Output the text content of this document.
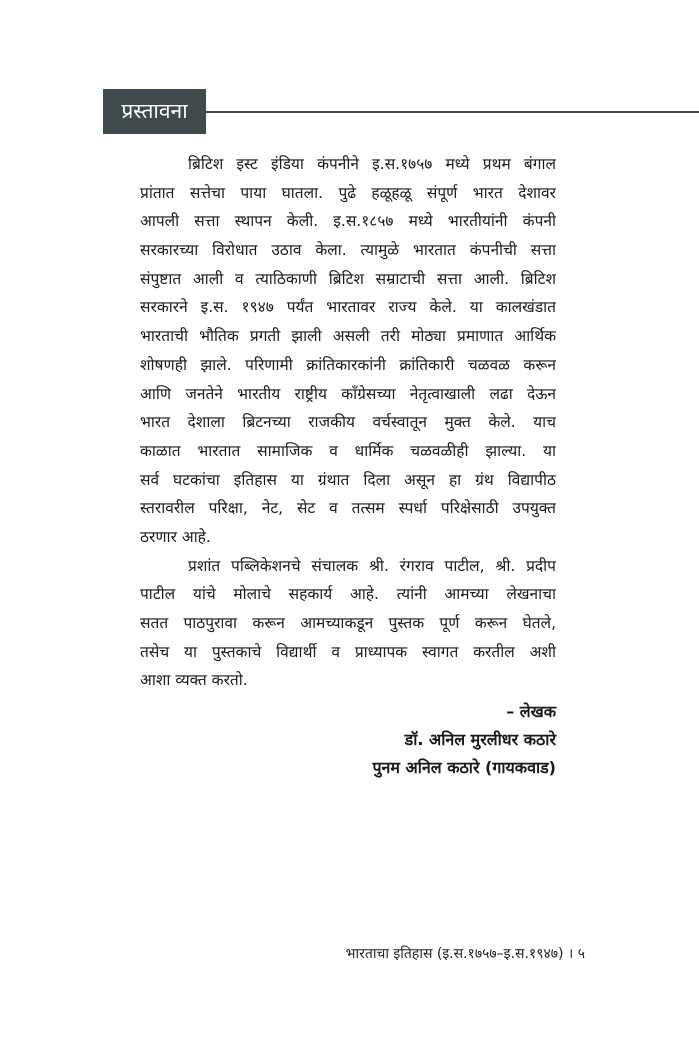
प्रस्तावना
ब्रिटिश इस्ट इंडिया कंपनीने इ.स.१७५७ मध्ये प्रथम बंगाल
प्रांतात सत्तेचा पाया घातला. पुढे हळूहळू संपूर्ण भारत देशावर
आपली सत्ता स्थापन केली. इ.स.१८५७ मध्ये भारतीयांनी कंपनी
सरकारच्या विरोधात उठाव केला. त्यामुळे भारतात कंपनीची सत्ता
संपुष्टात आली व त्याठिकाणी ब्रिटिश सम्राटाची सत्ता आली. ब्रिटिश
सरकारने इ.स. १९४७ पर्यंत भारतावर राज्य केले. या कालखंडात
भारताची भौतिक प्रगती झाली असली तरी मोठ्या प्रमाणात आर्थिक
शोषणही झाले. परिणामी क्रांतिकारकांनी क्रांतिकारी चळवळ करून
आणि जनतेने भारतीय राष्ट्रीय काँग्रेसच्या नेतृत्वाखाली लढा देऊन
भारत देशाला ब्रिटनच्या राजकीय वर्चस्वातून मुक्त केले. याच
काळात भारतात सामाजिक व धार्मिक चळवळीही झाल्या. या
सर्व घटकांचा इतिहास या ग्रंथात दिला असून हा ग्रंथ विद्यापीठ
स्तरावरील परिक्षा, नेट, सेट व तत्सम स्पर्धा परिक्षेसाठी उपयुक्त
ठरणार आहे.
प्रशांत पब्लिकेशनचे संचालक श्री. रंगराव पाटील, श्री. प्रदीप
पाटील यांचे मोलाचे सहकार्य आहे. त्यांनी आमच्या लेखनाचा
सतत पाठपुरावा करून आमच्याकडून पुस्तक पूर्ण करून घेतले,
तसेच या पुस्तकाचे विद्यार्थी व प्राध्यापक स्वागत करतील अशी
आशा व्यक्त करतो.
– लेखक
डॉ. अनिल मुरलीधर कठारे
पुनम अनिल कठारे (गायकवाड)
भारताचा इतिहास (इ.स.१७५७–इ.स.१९४७) । ५
